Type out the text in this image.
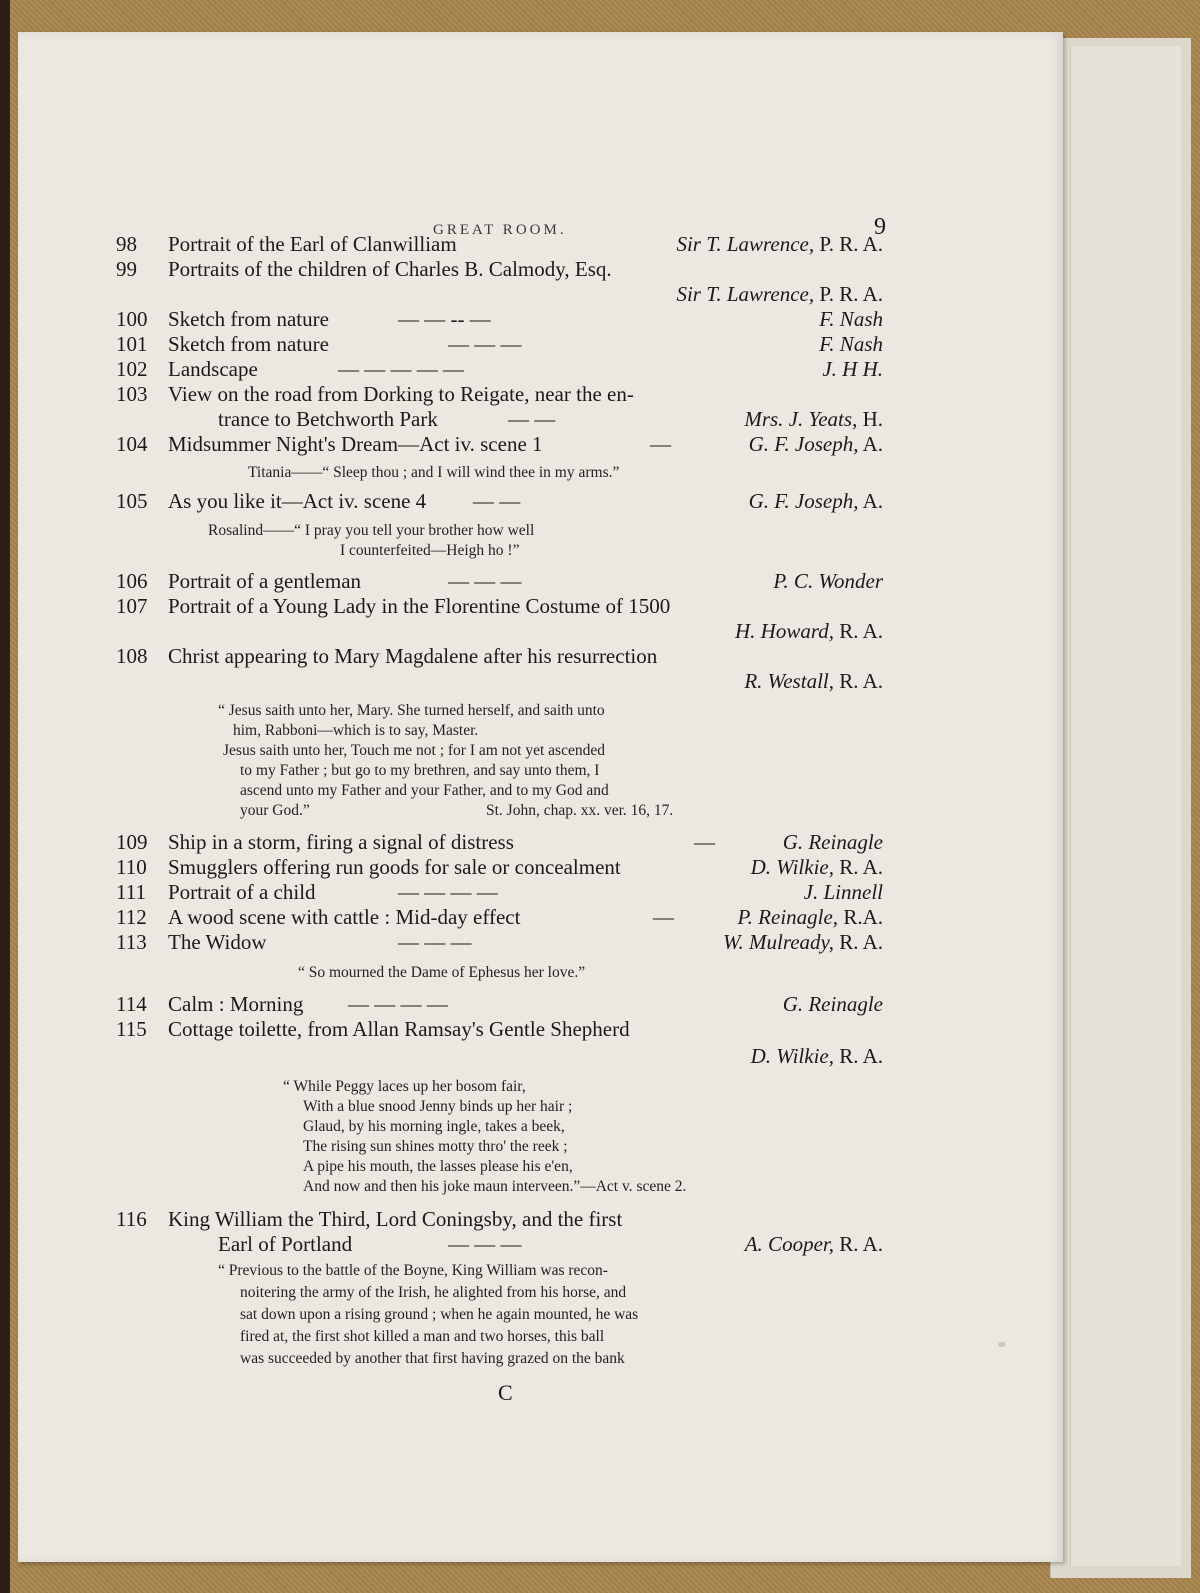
GREAT ROOM.	9
98 Portrait of the Earl of Clanwilliam	Sir T. Lawrence, P. R. A.
99 Portraits of the children of Charles B. Calmody, Esq.
Sir T. Lawrence, P. R. A.
100 Sketch from nature	— — -- —	F. Nash
101 Sketch from nature	— — —	F. Nash
102 Landscape	— — — — —	J. H H.
103 View on the road from Dorking to Reigate, near the en-
trance to Betchworth Park	— —	Mrs. J. Yeats, H.
104 Midsummer Night's Dream—Act iv. scene 1	—	G. F. Joseph, A.
Titania——“ Sleep thou ; and I will wind thee in my arms.”
105 As you like it—Act iv. scene 4 — —	G. F. Joseph, A.
Rosalind——“ I pray you tell your brother how well
I counterfeited—Heigh ho !”
106 Portrait of a gentleman	— — —	P. C. Wonder
107 Portrait of a Young Lady in the Florentine Costume of 1500
H. Howard, R. A.
108 Christ appearing to Mary Magdalene after his resurrection
R. Westall, R. A.
“ Jesus saith unto her, Mary. She turned herself, and saith unto
him, Rabboni—which is to say, Master.
Jesus saith unto her, Touch me not ; for I am not yet ascended
to my Father ; but go to my brethren, and say unto them, I
ascend unto my Father and your Father, and to my God and
your God.”	St. John, chap. xx. ver. 16, 17.
109 Ship in a storm, firing a signal of distress	—	G. Reinagle
110 Smugglers offering run goods for sale or concealment	D. Wilkie, R. A.
111 Portrait of a child	— — — —	J. Linnell
112 A wood scene with cattle : Mid-day effect	—	P. Reinagle, R.A.
113 The Widow	— — —	W. Mulready, R. A.
“ So mourned the Dame of Ephesus her love.”
114 Calm : Morning — — — —	G. Reinagle
115 Cottage toilette, from Allan Ramsay's Gentle Shepherd
D. Wilkie, R. A.
“ While Peggy laces up her bosom fair,
With a blue snood Jenny binds up her hair ;
Glaud, by his morning ingle, takes a beek,
The rising sun shines motty thro' the reek ;
A pipe his mouth, the lasses please his e'en,
And now and then his joke maun interveen.”—Act v. scene 2.
116 King William the Third, Lord Coningsby, and the first
Earl of Portland	— — —	A. Cooper, R. A.
“ Previous to the battle of the Boyne, King William was recon-
noitering the army of the Irish, he alighted from his horse, and
sat down upon a rising ground ; when he again mounted, he was
fired at, the first shot killed a man and two horses, this ball
was succeeded by another that first having grazed on the bank
C
